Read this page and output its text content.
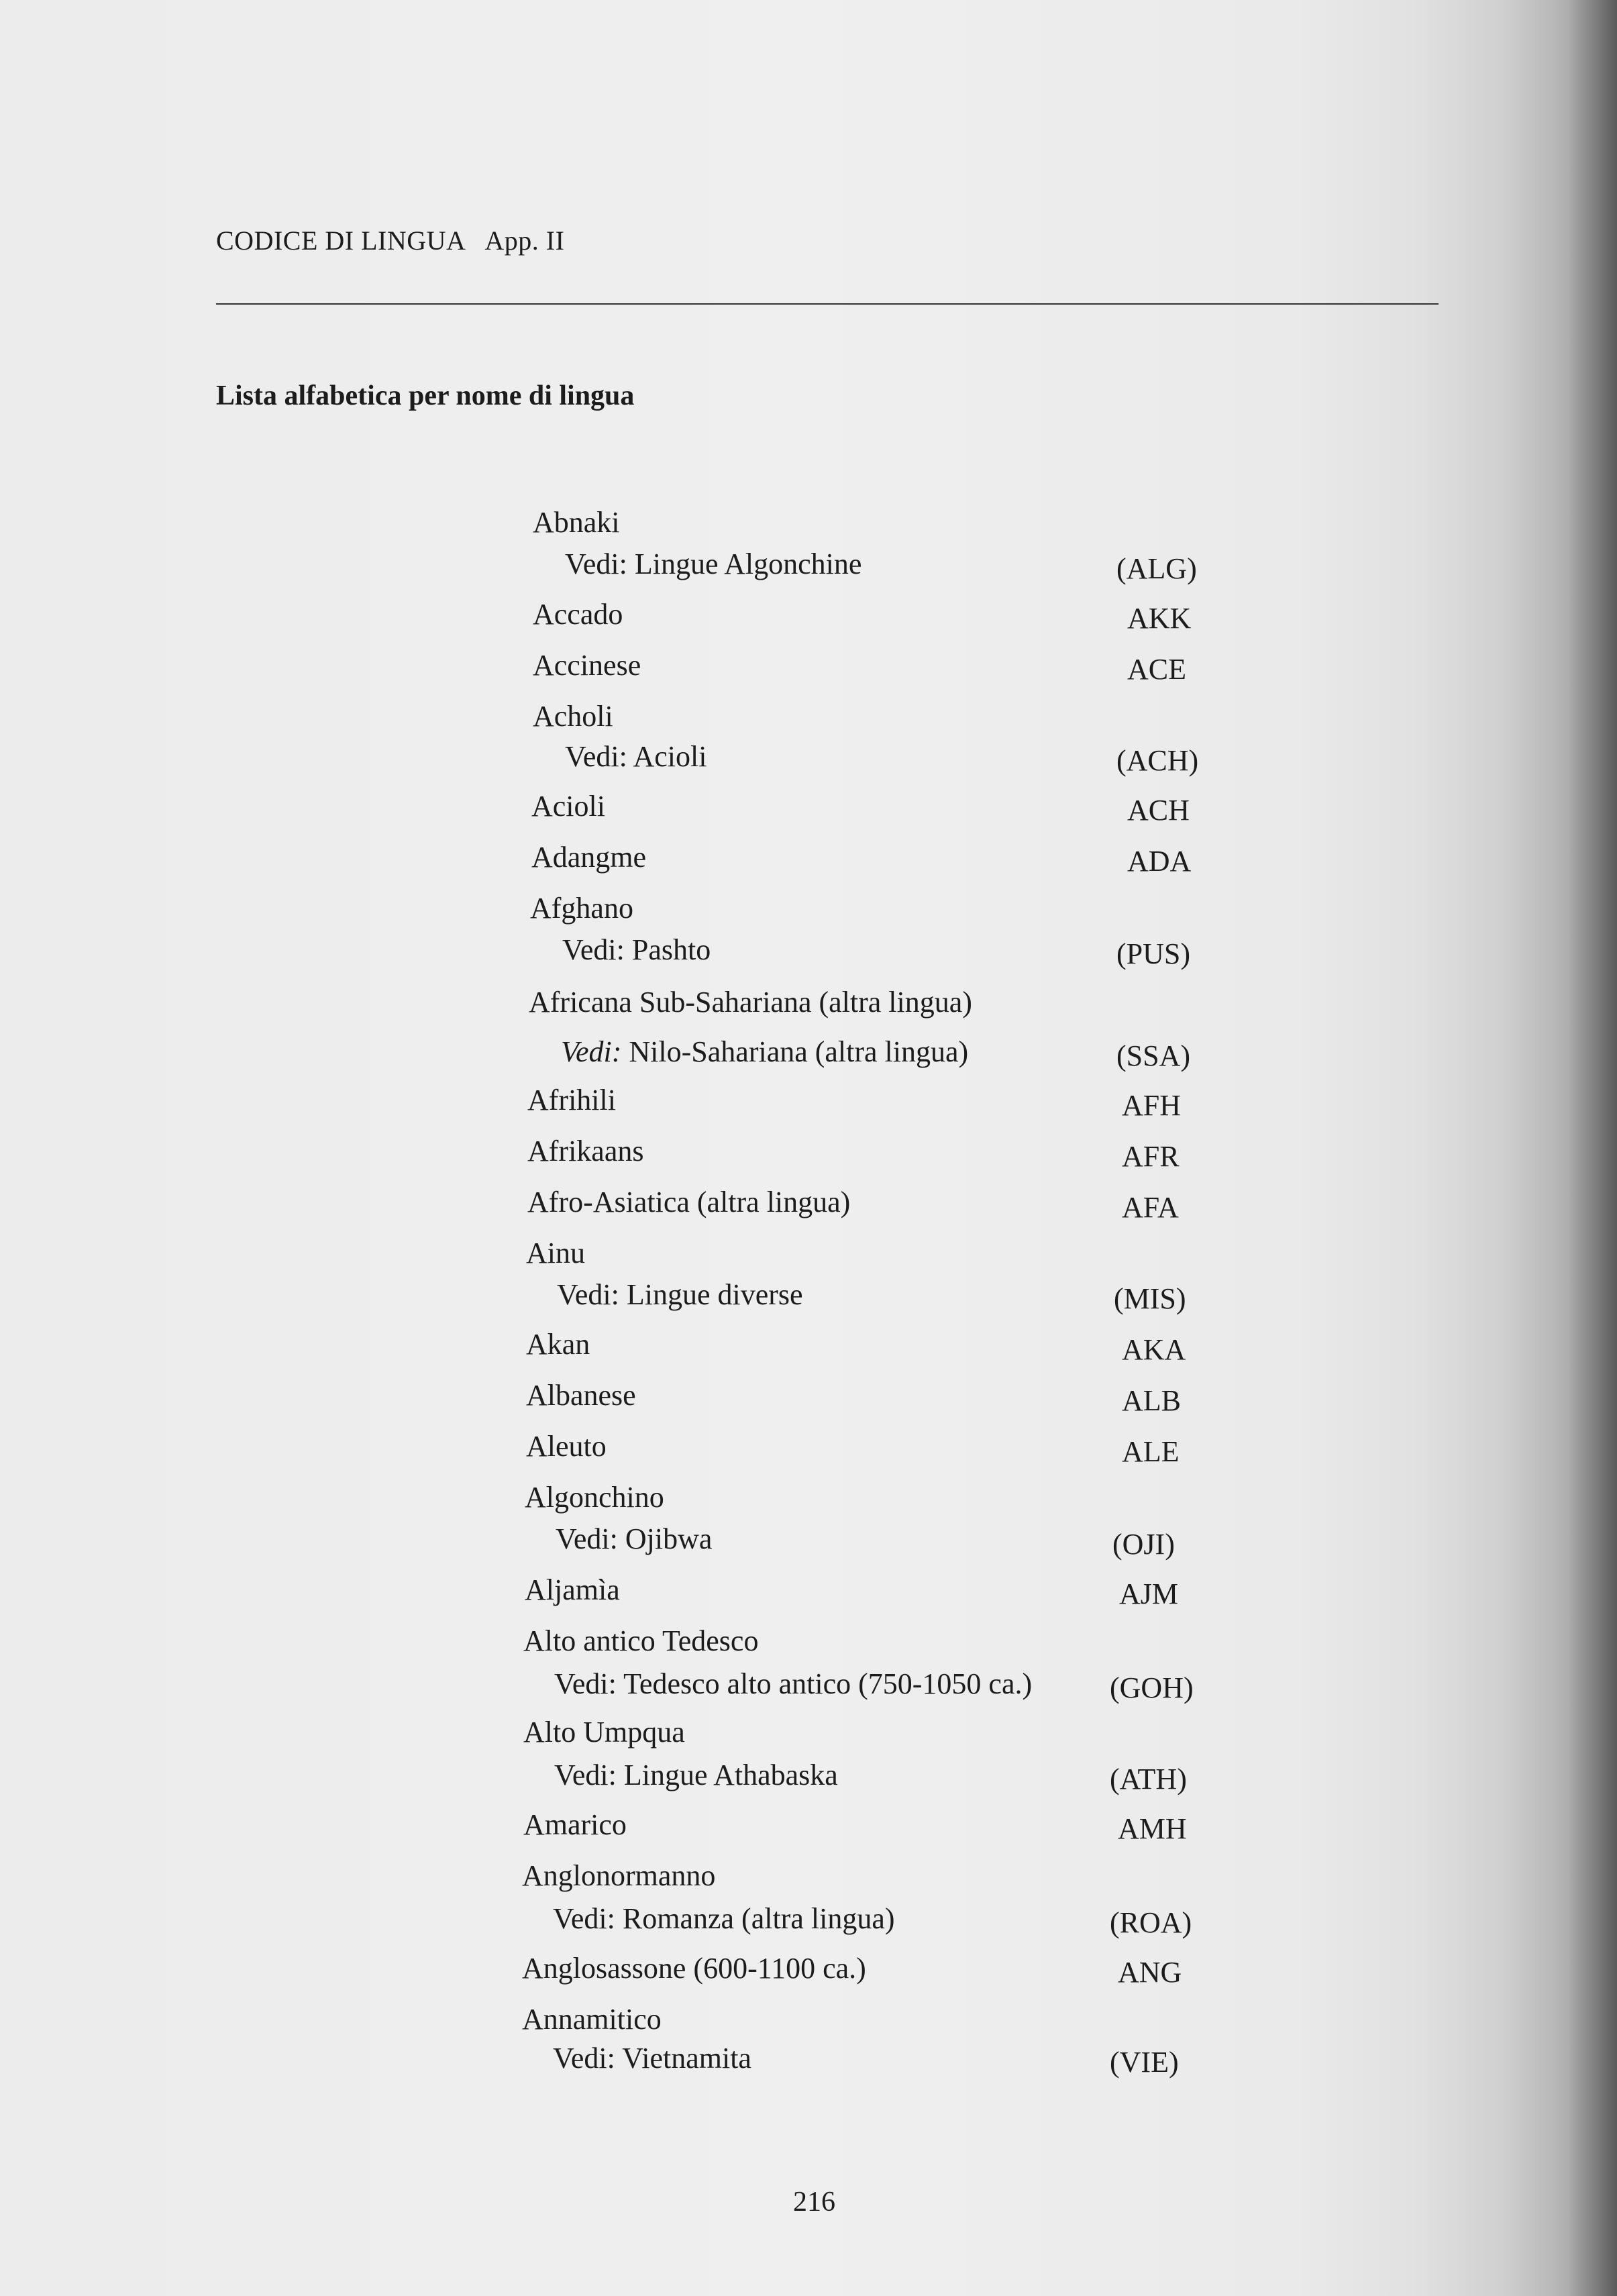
CODICE DI LINGUA App. II
Lista alfabetica per nome di lingua
Abnaki
Vedi: Lingue Algonchine	(ALG)
Accado	AKK
Accinese	ACE
Acholi
Vedi: Acioli	(ACH)
Acioli	ACH
Adangme	ADA
Afghano
Vedi: Pashto	(PUS)
Africana Sub-Sahariana (altra lingua)
Vedi: Nilo-Sahariana (altra lingua)	(SSA)
Afrihili	AFH
Afrikaans	AFR
Afro-Asiatica (altra lingua)	AFA
Ainu
Vedi: Lingue diverse	(MIS)
Akan	AKA
Albanese	ALB
Aleuto	ALE
Algonchino
Vedi: Ojibwa	(OJI)
Aljamìa	AJM
Alto antico Tedesco
Vedi: Tedesco alto antico (750-1050 ca.)	(GOH)
Alto Umpqua
Vedi: Lingue Athabaska	(ATH)
Amarico	AMH
Anglonormanno
Vedi: Romanza (altra lingua)	(ROA)
Anglosassone (600-1100 ca.)	ANG
Annamitico
Vedi: Vietnamita	(VIE)
216
